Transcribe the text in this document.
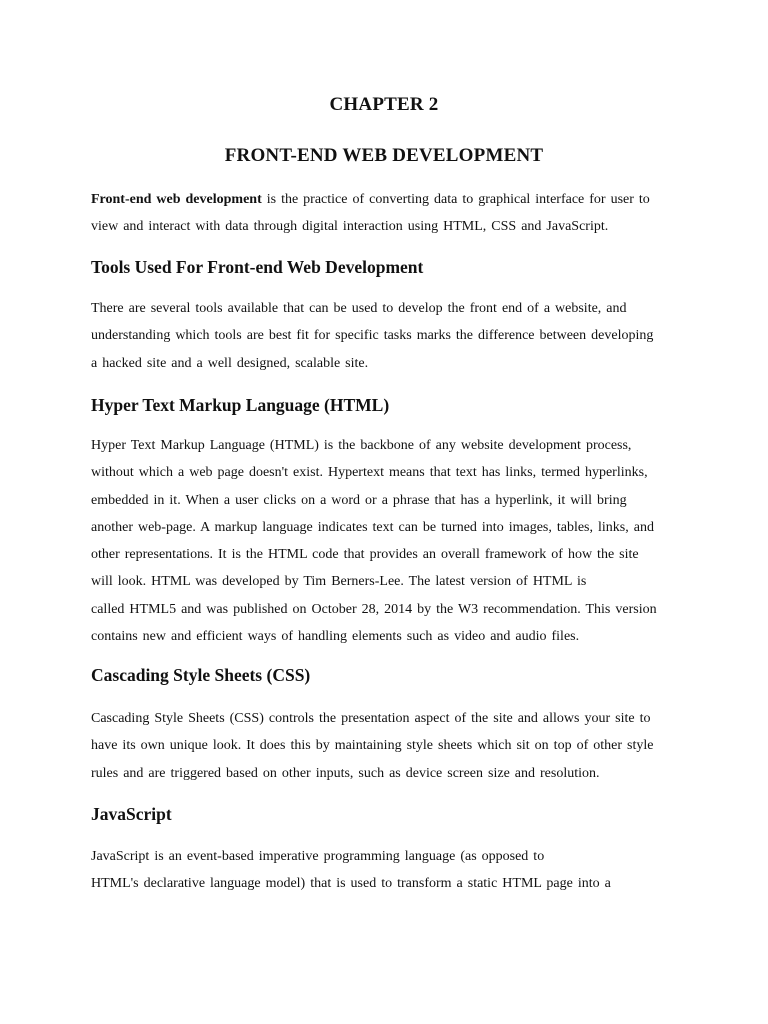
CHAPTER 2
FRONT-END WEB DEVELOPMENT
Front-end web development is the practice of converting data to graphical interface for user to
view and interact with data through digital interaction using HTML, CSS and JavaScript.
Tools Used For Front-end Web Development
There are several tools available that can be used to develop the front end of a website, and
understanding which tools are best fit for specific tasks marks the difference between developing
a hacked site and a well designed, scalable site.
Hyper Text Markup Language (HTML)
Hyper Text Markup Language (HTML) is the backbone of any website development process,
without which a web page doesn't exist. Hypertext means that text has links, termed hyperlinks,
embedded in it. When a user clicks on a word or a phrase that has a hyperlink, it will bring
another web-page. A markup language indicates text can be turned into images, tables, links, and
other representations. It is the HTML code that provides an overall framework of how the site
will look. HTML was developed by Tim Berners-Lee. The latest version of HTML is
called HTML5 and was published on October 28, 2014 by the W3 recommendation. This version
contains new and efficient ways of handling elements such as video and audio files.
Cascading Style Sheets (CSS)
Cascading Style Sheets (CSS) controls the presentation aspect of the site and allows your site to
have its own unique look. It does this by maintaining style sheets which sit on top of other style
rules and are triggered based on other inputs, such as device screen size and resolution.
JavaScript
JavaScript is an event-based imperative programming language (as opposed to
HTML's declarative language model) that is used to transform a static HTML page into a
